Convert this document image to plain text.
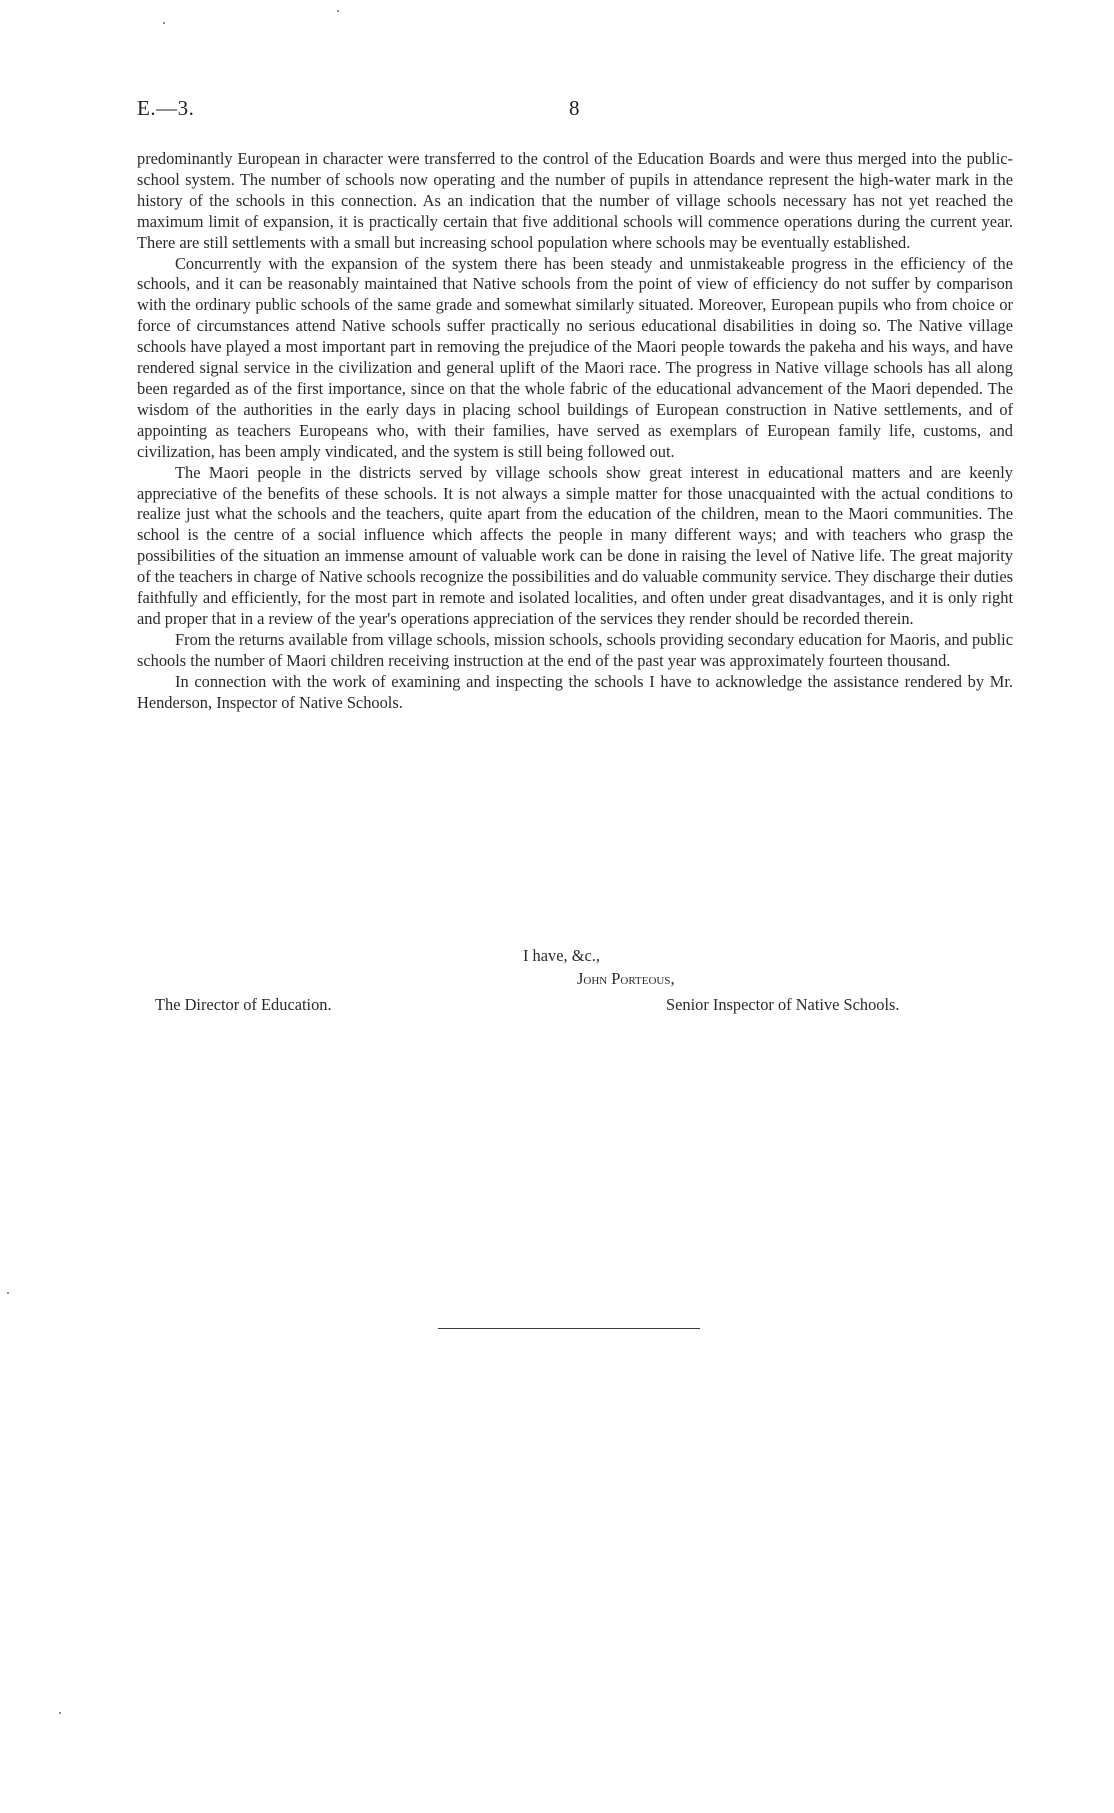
E.—3.	8

predominantly European in character were transferred to the control of the Education Boards and were thus merged into the public-school system. The number of schools now operating and the number of pupils in attendance represent the high-water mark in the history of the schools in this connection. As an indication that the number of village schools necessary has not yet reached the maximum limit of expansion, it is practically certain that five additional schools will commence operations during the current year. There are still settlements with a small but increasing school population where schools may be eventually established.

Concurrently with the expansion of the system there has been steady and unmistakeable progress in the efficiency of the schools, and it can be reasonably maintained that Native schools from the point of view of efficiency do not suffer by comparison with the ordinary public schools of the same grade and somewhat similarly situated. Moreover, European pupils who from choice or force of circumstances attend Native schools suffer practically no serious educational disabilities in doing so. The Native village schools have played a most important part in removing the prejudice of the Maori people towards the pakeha and his ways, and have rendered signal service in the civilization and general uplift of the Maori race. The progress in Native village schools has all along been regarded as of the first importance, since on that the whole fabric of the educational advancement of the Maori depended. The wisdom of the authorities in the early days in placing school buildings of European construction in Native settlements, and of appointing as teachers Europeans who, with their families, have served as exemplars of European family life, customs, and civilization, has been amply vindicated, and the system is still being followed out.

The Maori people in the districts served by village schools show great interest in educational matters and are keenly appreciative of the benefits of these schools. It is not always a simple matter for those unacquainted with the actual conditions to realize just what the schools and the teachers, quite apart from the education of the children, mean to the Maori communities. The school is the centre of a social influence which affects the people in many different ways; and with teachers who grasp the possibilities of the situation an immense amount of valuable work can be done in raising the level of Native life. The great majority of the teachers in charge of Native schools recognize the possibilities and do valuable community service. They discharge their duties faithfully and efficiently, for the most part in remote and isolated localities, and often under great disadvantages, and it is only right and proper that in a review of the year's operations appreciation of the services they render should be recorded therein.

From the returns available from village schools, mission schools, schools providing secondary education for Maoris, and public schools the number of Maori children receiving instruction at the end of the past year was approximately fourteen thousand.

In connection with the work of examining and inspecting the schools I have to acknowledge the assistance rendered by Mr. Henderson, Inspector of Native Schools.

I have, &c.,
John Porteous,
The Director of Education.	Senior Inspector of Native Schools.
